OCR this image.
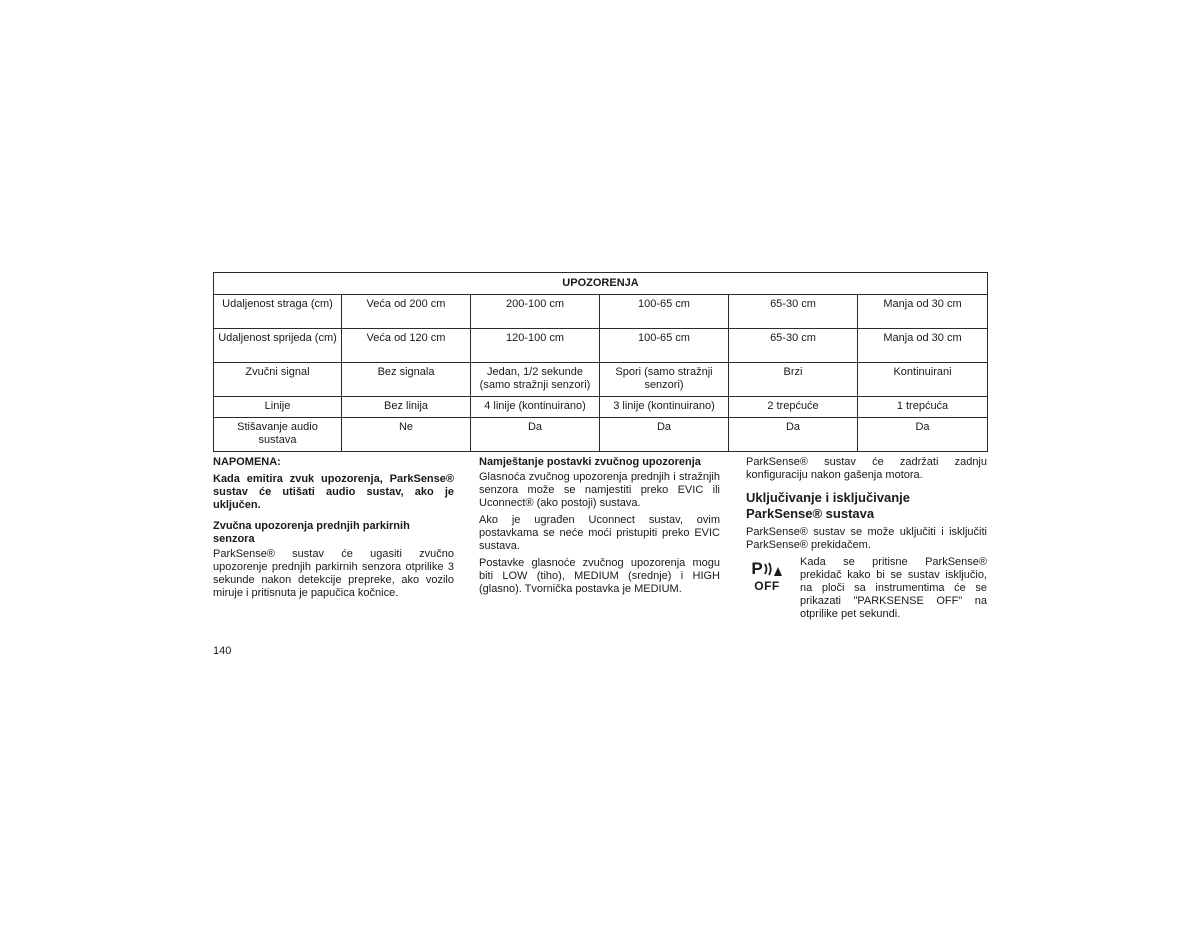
UPOZORENJA					
Udaljenost straga (cm)	Veća od 200 cm	200-100 cm	100-65 cm	65-30 cm	Manja od 30 cm
Udaljenost sprijeda (cm)	Veća od 120 cm	120-100 cm	100-65 cm	65-30 cm	Manja od 30 cm
Zvučni signal	Bez signala	Jedan, 1/2 sekunde (samo stražnji senzori)	Spori (samo stražnji senzori)	Brzi	Kontinuirani
Linije	Bez linija	4 linije (kontinuirano)	3 linije (kontinuirano)	2 trepćuće	1 trepćuća
Stišavanje audio sustava	Ne	Da	Da	Da	Da

NAPOMENA:

Kada emitira zvuk upozorenja, ParkSense® sustav će utišati audio sustav, ako je uključen.

Zvučna upozorenja prednjih parkirnih senzora

ParkSense® sustav će ugasiti zvučno upozorenje prednjih parkirnih senzora otprilike 3 sekunde nakon detekcije prepreke, ako vozilo miruje i pritisnuta je papučica kočnice.

Namještanje postavki zvučnog upozorenja

Glasnoća zvučnog upozorenja prednjih i stražnjih senzora može se namjestiti preko EVIC ili Uconnect® (ako postoji) sustava.

Ako je ugrađen Uconnect sustav, ovim postavkama se neće moći pristupiti preko EVIC sustava.

Postavke glasnoće zvučnog upozorenja mogu biti LOW (tiho), MEDIUM (srednje) i HIGH (glasno). Tvornička postavka je MEDIUM.

ParkSense® sustav će zadržati zadnju konfiguraciju nakon gašenja motora.

Uključivanje i isključivanje ParkSense® sustava

ParkSense® sustav se može uključiti i isključiti ParkSense® prekidačem.

P
OFF
Kada se pritisne ParkSense® prekidač kako bi se sustav isključio, na ploči sa instrumentima će se prikazati "PARKSENSE OFF" na otprilike pet sekundi.
140
